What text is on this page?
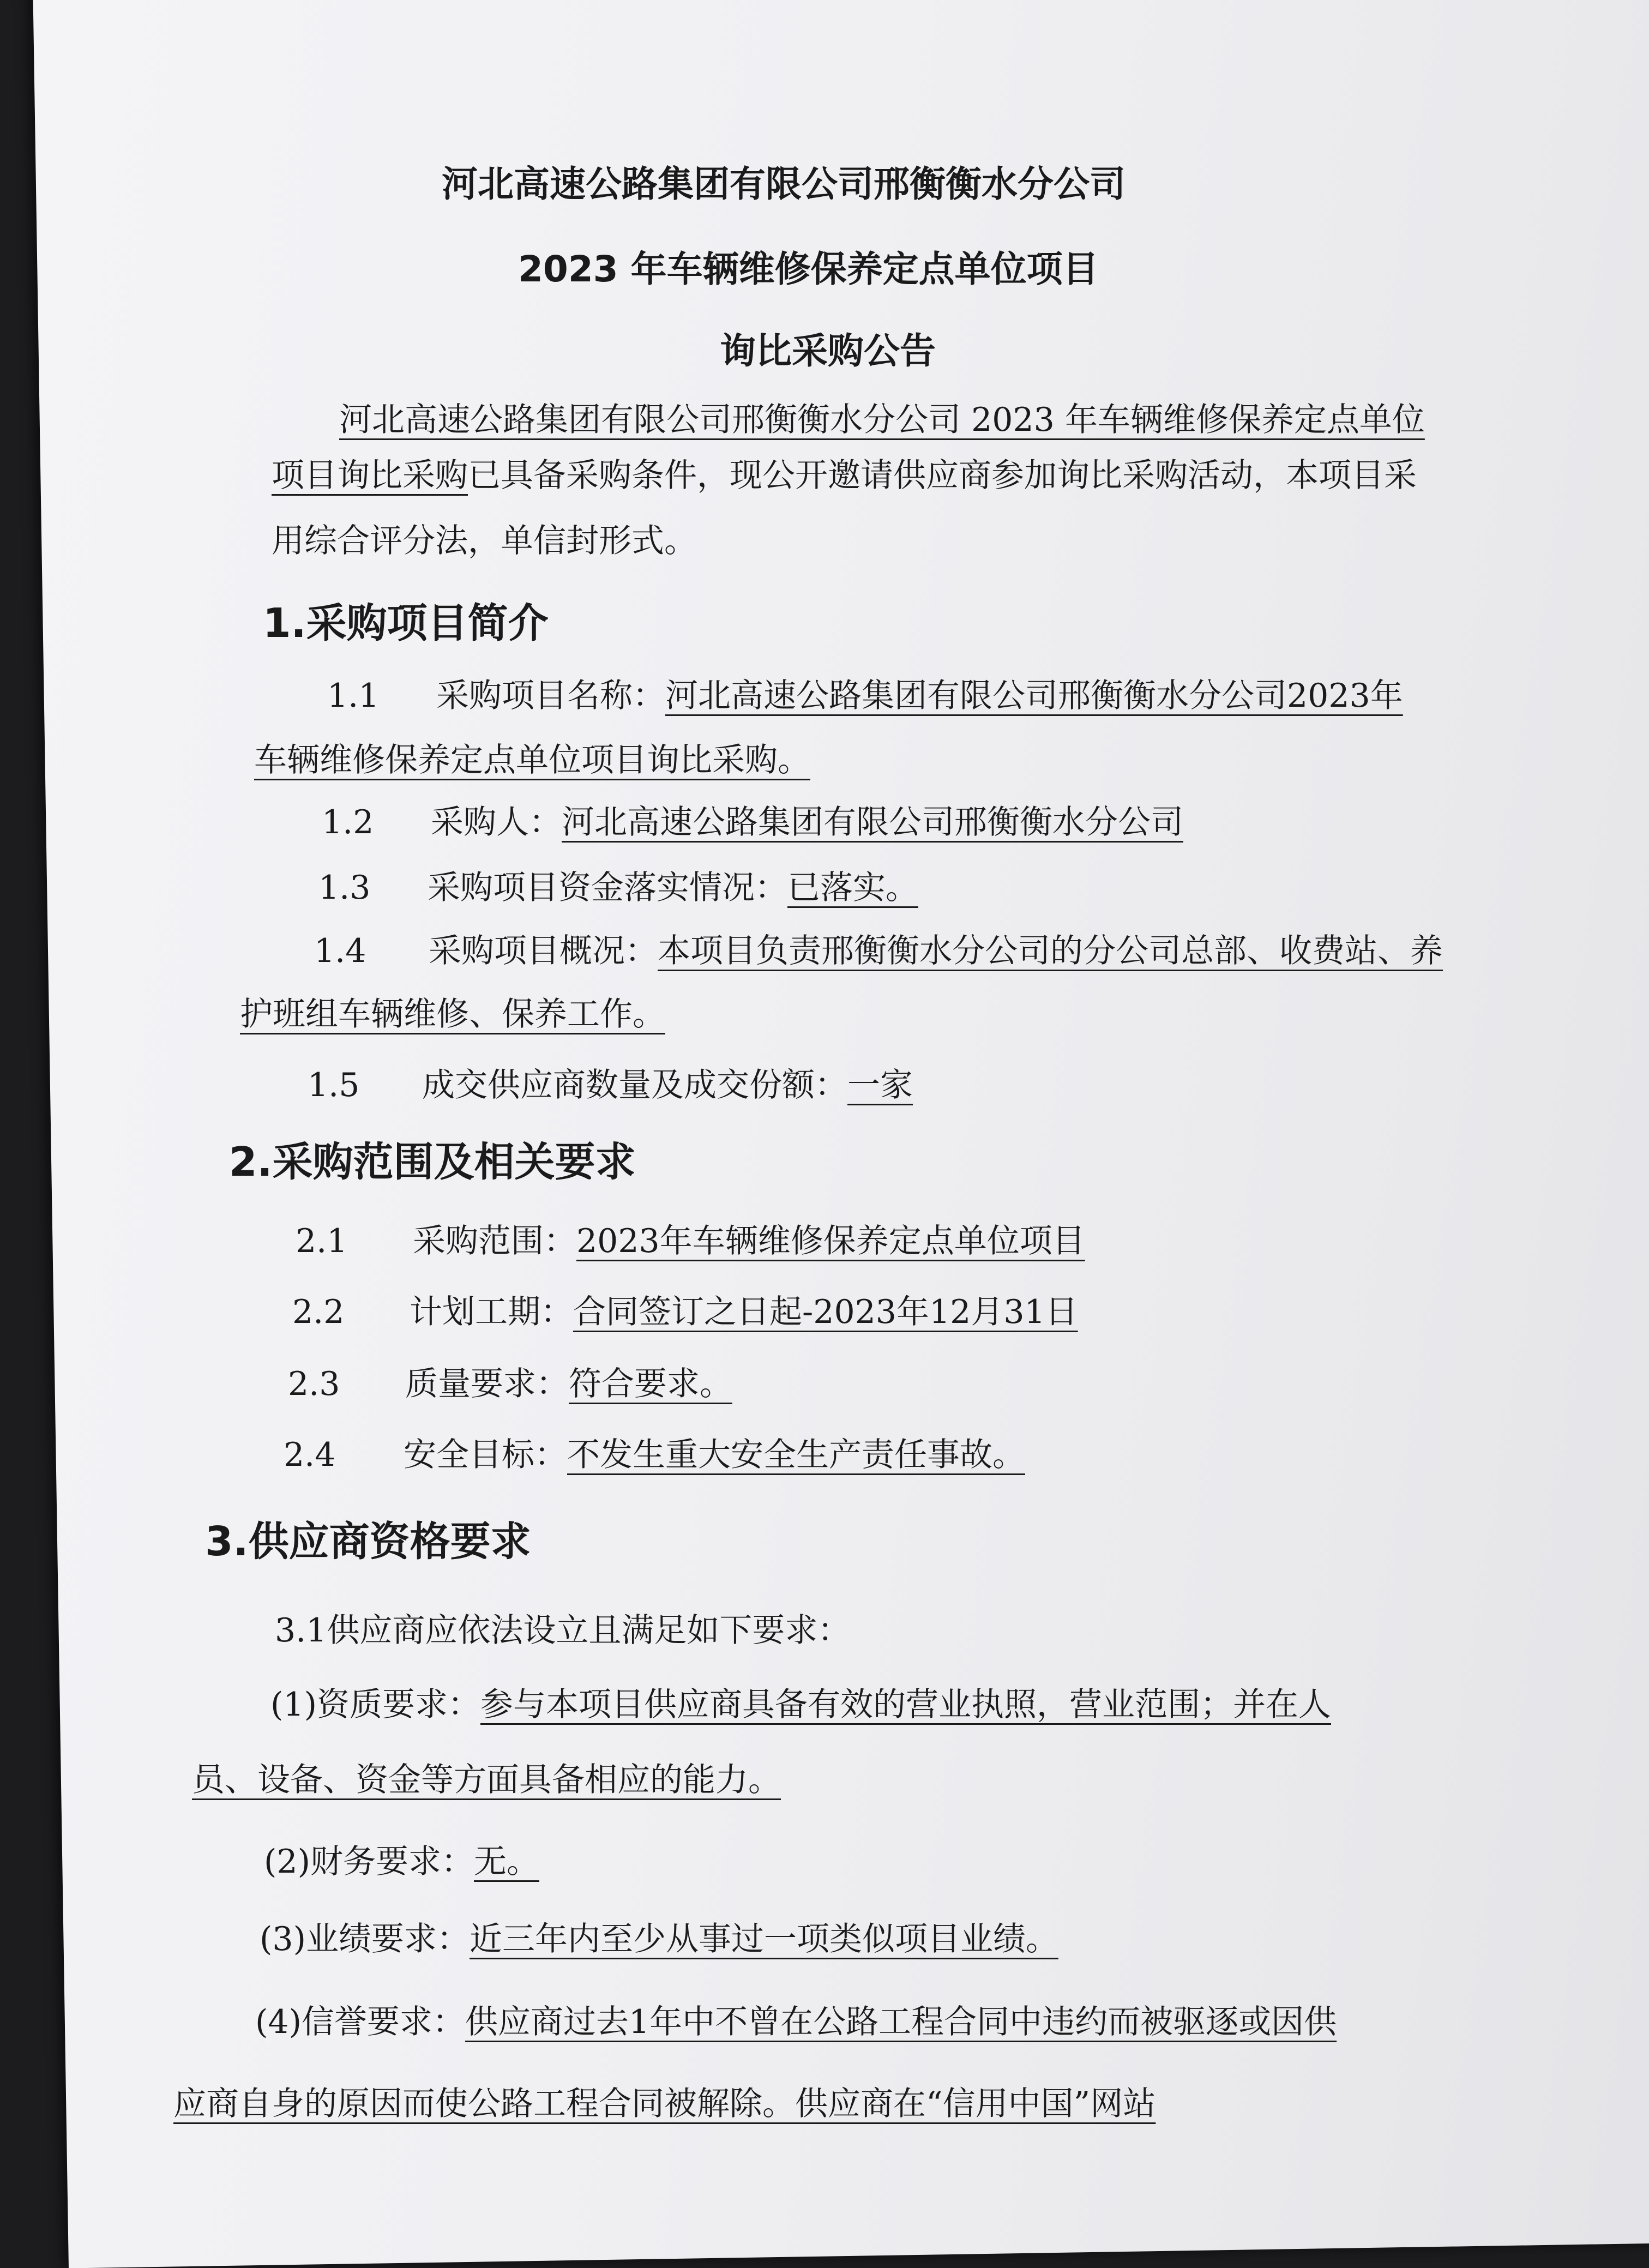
河北高速公路集团有限公司邢衡衡水分公司
2023 年车辆维修保养定点单位项目
询比采购公告
河北高速公路集团有限公司邢衡衡水分公司 2023 年车辆维修保养定点单位
项目询比采购已具备采购条件，现公开邀请供应商参加询比采购活动，本项目采
用综合评分法，单信封形式。
1.采购项目简介
1.1 采购项目名称：河北高速公路集团有限公司邢衡衡水分公司2023年
车辆维修保养定点单位项目询比采购。
1.2 采购人：河北高速公路集团有限公司邢衡衡水分公司
1.3 采购项目资金落实情况：已落实。
1.4 采购项目概况：本项目负责邢衡衡水分公司的分公司总部、收费站、养
护班组车辆维修、保养工作。
1.5 成交供应商数量及成交份额：一家
2.采购范围及相关要求
2.1 采购范围：2023年车辆维修保养定点单位项目
2.2 计划工期：合同签订之日起-2023年12月31日
2.3 质量要求：符合要求。
2.4 安全目标：不发生重大安全生产责任事故。
3.供应商资格要求
3.1供应商应依法设立且满足如下要求：
(1)资质要求：参与本项目供应商具备有效的营业执照，营业范围；并在人
员、设备、资金等方面具备相应的能力。
(2)财务要求：无。
(3)业绩要求：近三年内至少从事过一项类似项目业绩。
(4)信誉要求：供应商过去1年中不曾在公路工程合同中违约而被驱逐或因供
应商自身的原因而使公路工程合同被解除。供应商在“信用中国”网站
